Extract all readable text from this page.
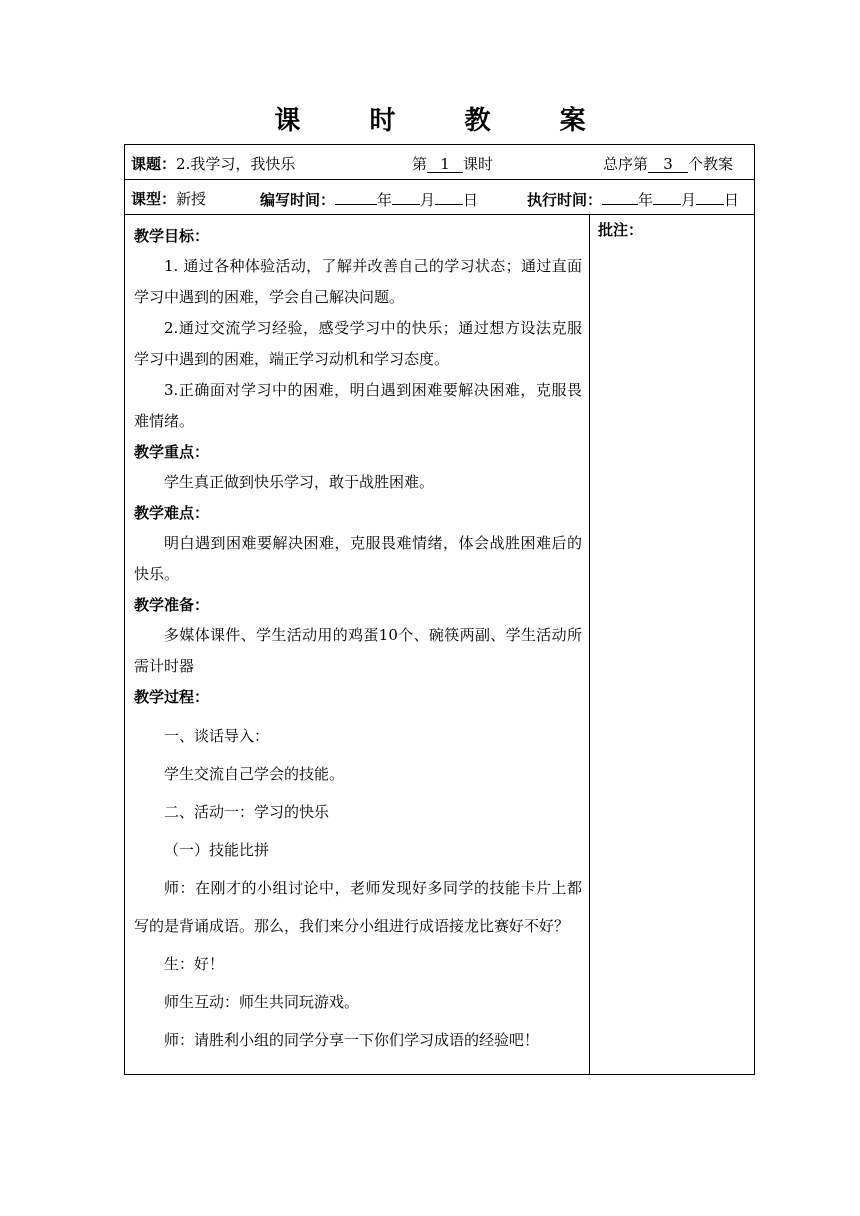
课	时	教	案
课题：2.我学习，我快乐	第 1 课时	总序第 3 个教案
课型：新授	编写时间：	年 月 日	执行时间： 年 月 日
教学目标：
1. 通过各种体验活动，了解并改善自己的学习状态；通过直面学习中遇到的困难，学会自己解决问题。
2.通过交流学习经验，感受学习中的快乐；通过想方设法克服学习中遇到的困难，端正学习动机和学习态度。
3.正确面对学习中的困难，明白遇到困难要解决困难，克服畏难情绪。
教学重点：
学生真正做到快乐学习，敢于战胜困难。
教学难点：
明白遇到困难要解决困难，克服畏难情绪，体会战胜困难后的快乐。
教学准备：
多媒体课件、学生活动用的鸡蛋10个、碗筷两副、学生活动所需计时器
教学过程：
一、谈话导入：
学生交流自己学会的技能。
二、活动一：学习的快乐
（一）技能比拼
师：在刚才的小组讨论中，老师发现好多同学的技能卡片上都写的是背诵成语。那么，我们来分小组进行成语接龙比赛好不好？
生：好！
师生互动：师生共同玩游戏。
师：请胜利小组的同学分享一下你们学习成语的经验吧！
批注：
